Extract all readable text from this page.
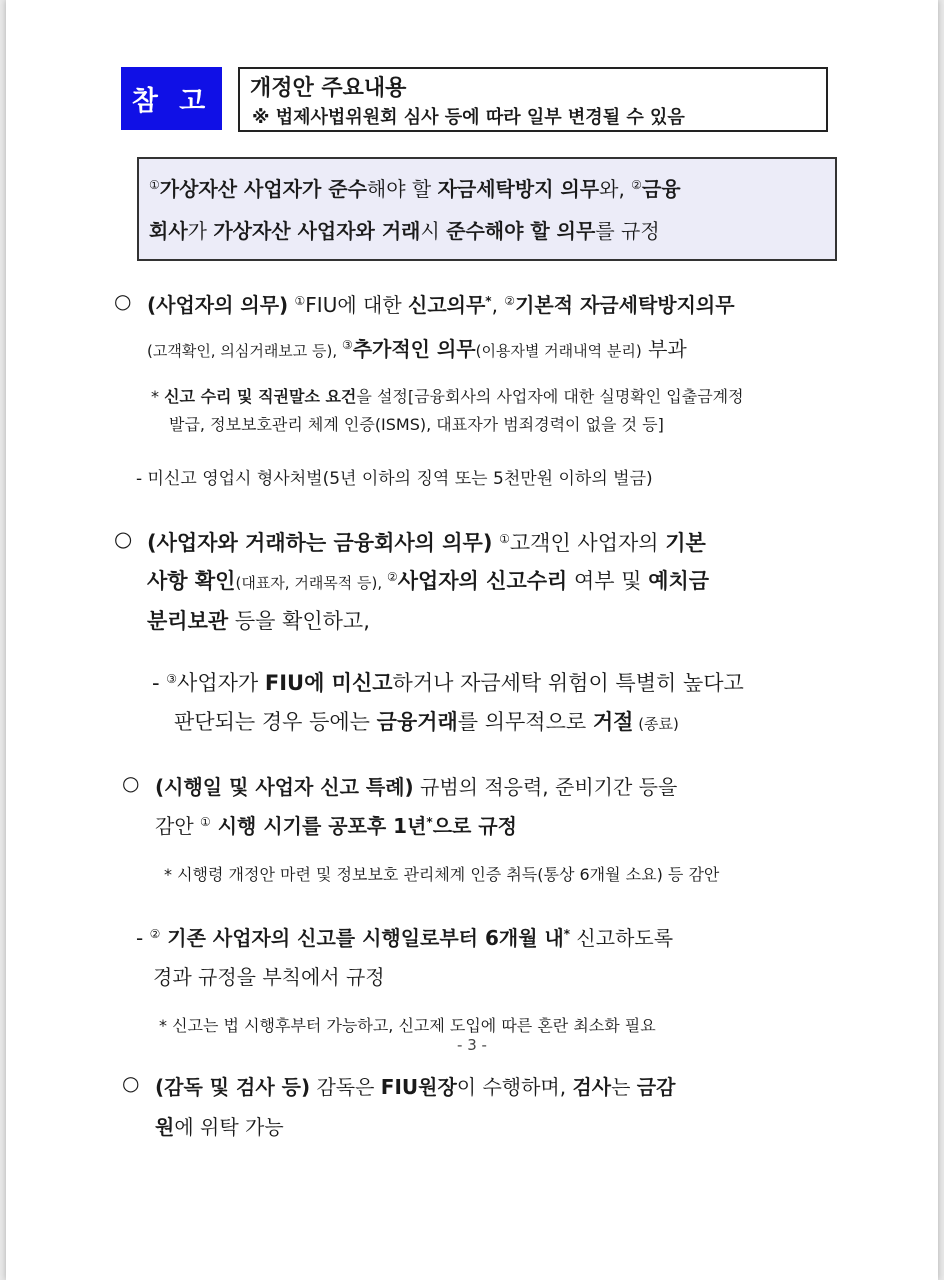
참 고	개정안 주요내용
※ 법제사법위원회 심사 등에 따라 일부 변경될 수 있음
①가상자산 사업자가 준수해야 할 자금세탁방지 의무와, ②금융
회사가 가상자산 사업자와 거래시 준수해야 할 의무를 규정
○ (사업자의 의무) ①FIU에 대한 신고의무*, ②기본적 자금세탁방지의무
(고객확인, 의심거래보고 등), ③추가적인 의무(이용자별 거래내역 분리) 부과
* 신고 수리 및 직권말소 요건을 설정[금융회사의 사업자에 대한 실명확인 입출금계정
발급, 정보보호관리 체계 인증(ISMS), 대표자가 범죄경력이 없을 것 등]
- 미신고 영업시 형사처벌(5년 이하의 징역 또는 5천만원 이하의 벌금)
○ (사업자와 거래하는 금융회사의 의무) ①고객인 사업자의 기본
사항 확인(대표자, 거래목적 등), ②사업자의 신고수리 여부 및 예치금
분리보관 등을 확인하고,
- ③사업자가 FIU에 미신고하거나 자금세탁 위험이 특별히 높다고
판단되는 경우 등에는 금융거래를 의무적으로 거절 (종료)
○ (시행일 및 사업자 신고 특례) 규범의 적응력, 준비기간 등을
감안 ① 시행 시기를 공포후 1년*으로 규정
* 시행령 개정안 마련 및 정보보호 관리체계 인증 취득(통상 6개월 소요) 등 감안
- ② 기존 사업자의 신고를 시행일로부터 6개월 내* 신고하도록
경과 규정을 부칙에서 규정
* 신고는 법 시행후부터 가능하고, 신고제 도입에 따른 혼란 최소화 필요
○ (감독 및 검사 등) 감독은 FIU원장이 수행하며, 검사는 금감
원에 위탁 가능
- 3 -
